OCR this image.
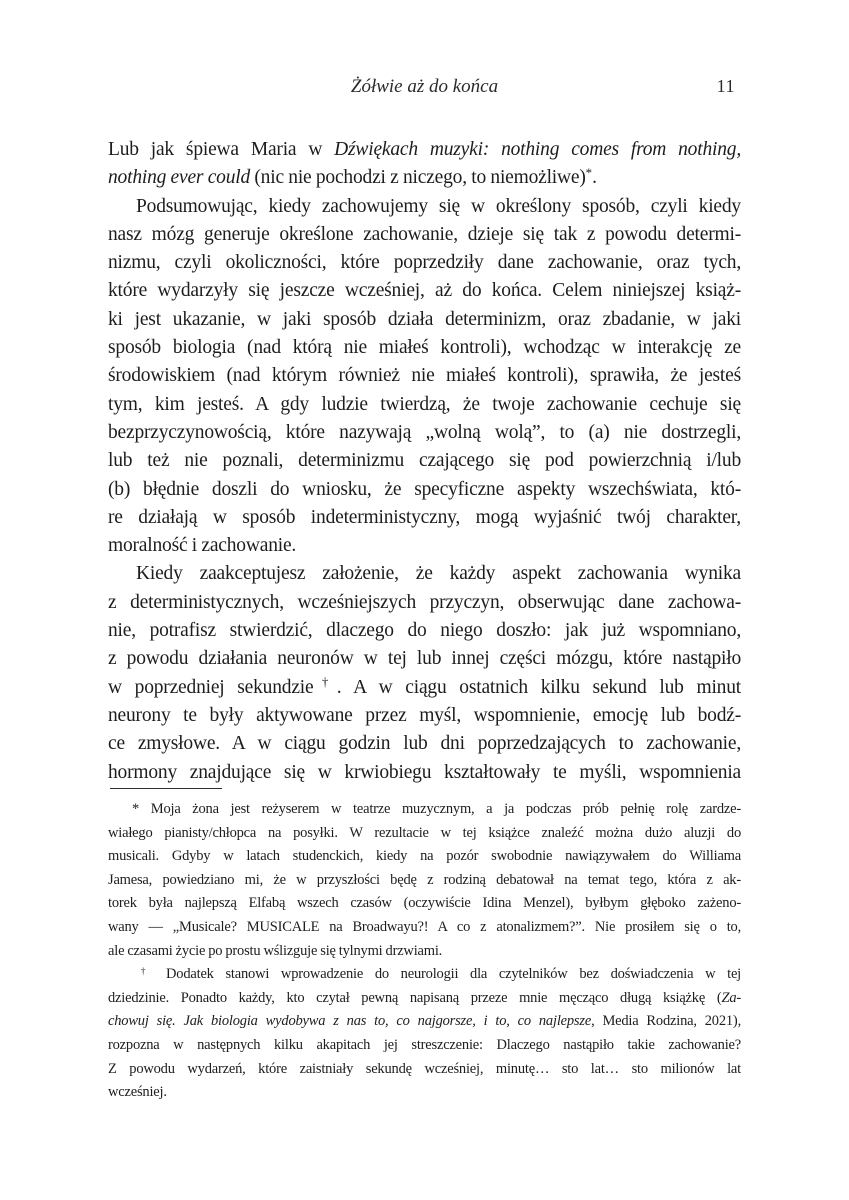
Żółwie aż do końca	11
Lub jak śpiewa Maria w Dźwiękach muzyki: nothing comes from nothing,
nothing ever could (nic nie pochodzi z niczego, to niemożliwe)*.
Podsumowując, kiedy zachowujemy się w określony sposób, czyli kiedy
nasz mózg generuje określone zachowanie, dzieje się tak z powodu determi-
nizmu, czyli okoliczności, które poprzedziły dane zachowanie, oraz tych,
które wydarzyły się jeszcze wcześniej, aż do końca. Celem niniejszej książ-
ki jest ukazanie, w jaki sposób działa determinizm, oraz zbadanie, w jaki
sposób biologia (nad którą nie miałeś kontroli), wchodząc w interakcję ze
środowiskiem (nad którym również nie miałeś kontroli), sprawiła, że jesteś
tym, kim jesteś. A gdy ludzie twierdzą, że twoje zachowanie cechuje się
bezprzyczynowością, które nazywają „wolną wolą”, to (a) nie dostrzegli,
lub też nie poznali, determinizmu czającego się pod powierzchnią i/lub
(b) błędnie doszli do wniosku, że specyficzne aspekty wszechświata, któ-
re działają w sposób indeterministyczny, mogą wyjaśnić twój charakter,
moralność i zachowanie.
Kiedy zaakceptujesz założenie, że każdy aspekt zachowania wynika
z deterministycznych, wcześniejszych przyczyn, obserwując dane zachowa-
nie, potrafisz stwierdzić, dlaczego do niego doszło: jak już wspomniano,
z powodu działania neuronów w tej lub innej części mózgu, które nastąpiło
w poprzedniej sekundzie†. A w ciągu ostatnich kilku sekund lub minut
neurony te były aktywowane przez myśl, wspomnienie, emocję lub bodź-
ce zmysłowe. A w ciągu godzin lub dni poprzedzających to zachowanie,
hormony znajdujące się w krwiobiegu kształtowały te myśli, wspomnienia
* Moja żona jest reżyserem w teatrze muzycznym, a ja podczas prób pełnię rolę zardze-
wiałego pianisty/chłopca na posyłki. W rezultacie w tej książce znaleźć można dużo aluzji do
musicali. Gdyby w latach studenckich, kiedy na pozór swobodnie nawiązywałem do Williama
Jamesa, powiedziano mi, że w przyszłości będę z rodziną debatował na temat tego, która z ak-
torek była najlepszą Elfabą wszech czasów (oczywiście Idina Menzel), byłbym głęboko zażeno-
wany — „Musicale? MUSICALE na Broadwayu?! A co z atonalizmem?”. Nie prosiłem się o to,
ale czasami życie po prostu wślizguje się tylnymi drzwiami.
† Dodatek stanowi wprowadzenie do neurologii dla czytelników bez doświadczenia w tej
dziedzinie. Ponadto każdy, kto czytał pewną napisaną przeze mnie męcząco długą książkę (Za-
chowuj się. Jak biologia wydobywa z nas to, co najgorsze, i to, co najlepsze, Media Rodzina, 2021),
rozpozna w następnych kilku akapitach jej streszczenie: Dlaczego nastąpiło takie zachowanie?
Z powodu wydarzeń, które zaistniały sekundę wcześniej, minutę… sto lat… sto milionów lat
wcześniej.
